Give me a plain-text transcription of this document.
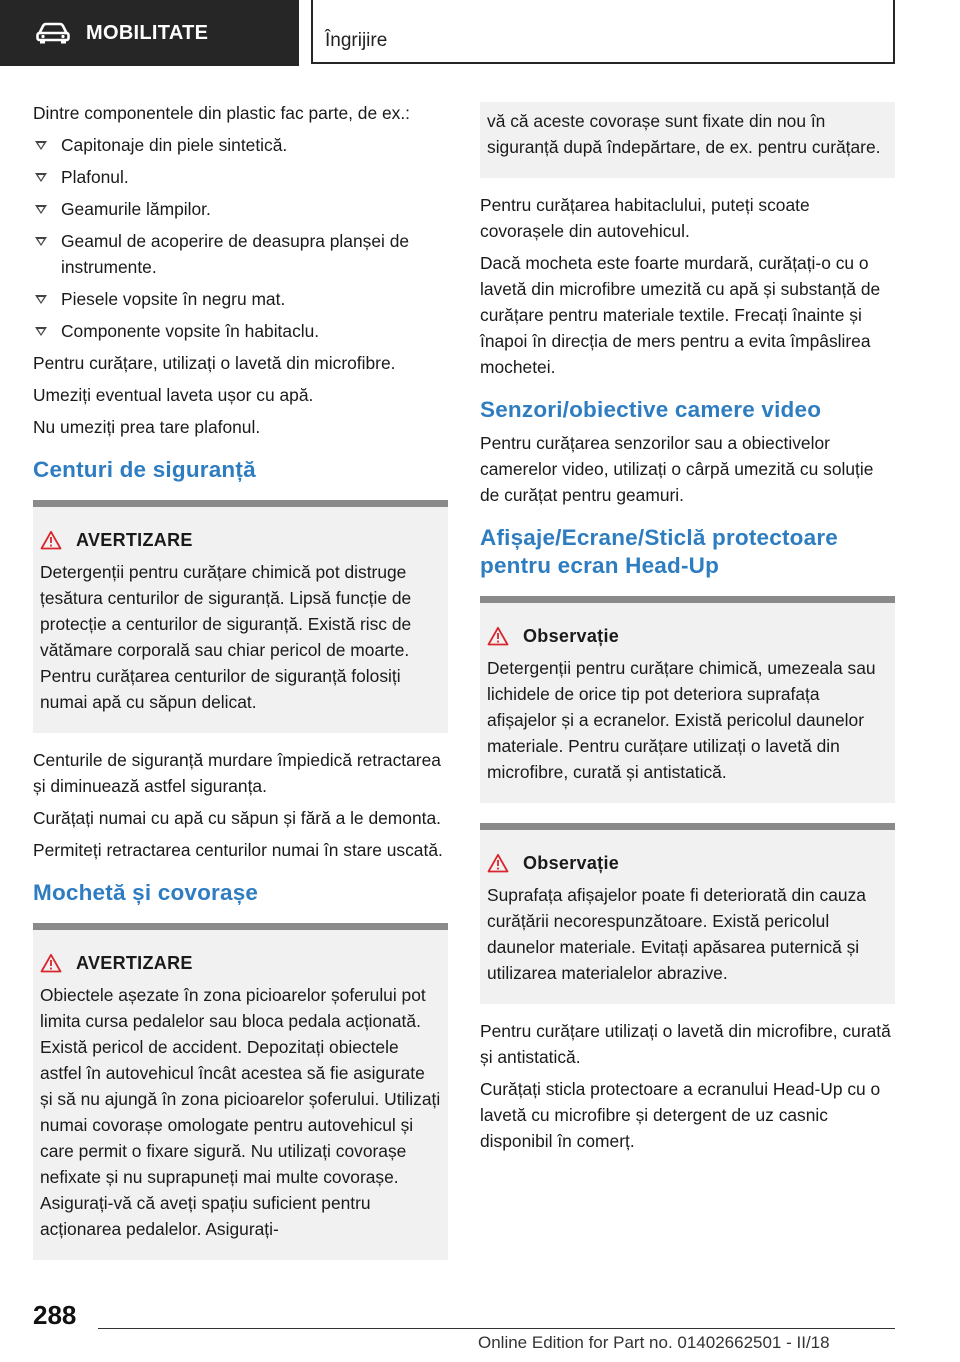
MOBILITATE	Îngrijire

Dintre componentele din plastic fac parte, de ex.:

Capitonaje din piele sintetică.
Plafonul.
Geamurile lămpilor.
Geamul de acoperire de deasupra planșei de instrumente.
Piesele vopsite în negru mat.
Componente vopsite în habitaclu.

Pentru curățare, utilizați o lavetă din microfibre.

Umeziți eventual laveta ușor cu apă.

Nu umeziți prea tare plafonul.

Centuri de siguranță
AVERTIZARE

Detergenții pentru curățare chimică pot distruge țesătura centurilor de siguranță. Lipsă funcție de protecție a centurilor de siguranță. Există risc de vătămare corporală sau chiar pericol de moarte. Pentru curățarea centurilor de siguranță folosiți numai apă cu săpun delicat.

Centurile de siguranță murdare împiedică retractarea și diminuează astfel siguranța.

Curățați numai cu apă cu săpun și fără a le demonta.

Permiteți retractarea centurilor numai în stare uscată.

Mochetă și covorașe
AVERTIZARE

Obiectele așezate în zona picioarelor șoferului pot limita cursa pedalelor sau bloca pedala acționată. Există pericol de accident. Depozitați obiectele astfel în autovehicul încât acestea să fie asigurate și să nu ajungă în zona picioarelor șoferului. Utilizați numai covorașe omologate pentru autovehicul și care permit o fixare sigură. Nu utilizați covorașe nefixate și nu suprapuneți mai multe covorașe. Asigurați-vă că aveți spațiu suficient pentru acționarea pedalelor. Asigurați-

vă că aceste covorașe sunt fixate din nou în siguranță după îndepărtare, de ex. pentru curățare.

Pentru curățarea habitaclului, puteți scoate covorașele din autovehicul.

Dacă mocheta este foarte murdară, curățați-o cu o lavetă din microfibre umezită cu apă și substanță de curățare pentru materiale textile. Frecați înainte și înapoi în direcția de mers pentru a evita împâslirea mochetei.

Senzori/obiective camere video

Pentru curățarea senzorilor sau a obiectivelor camerelor video, utilizați o cârpă umezită cu soluție de curățat pentru geamuri.

Afișaje/Ecrane/Sticlă protectoare pentru ecran Head-Up
Observație

Detergenții pentru curățare chimică, umezeala sau lichidele de orice tip pot deteriora suprafața afișajelor și a ecranelor. Există pericolul daunelor materiale. Pentru curățare utilizați o lavetă din microfibre, curată și antistatică.

Observație

Suprafața afișajelor poate fi deteriorată din cauza curățării necorespunzătoare. Există pericolul daunelor materiale. Evitați apăsarea puternică și utilizarea materialelor abrazive.

Pentru curățare utilizați o lavetă din microfibre, curată și antistatică.

Curățați sticla protectoare a ecranului Head-Up cu o lavetă cu microfibre și detergent de uz casnic disponibil în comerț.

288
Online Edition for Part no. 01402662501 - II/18
